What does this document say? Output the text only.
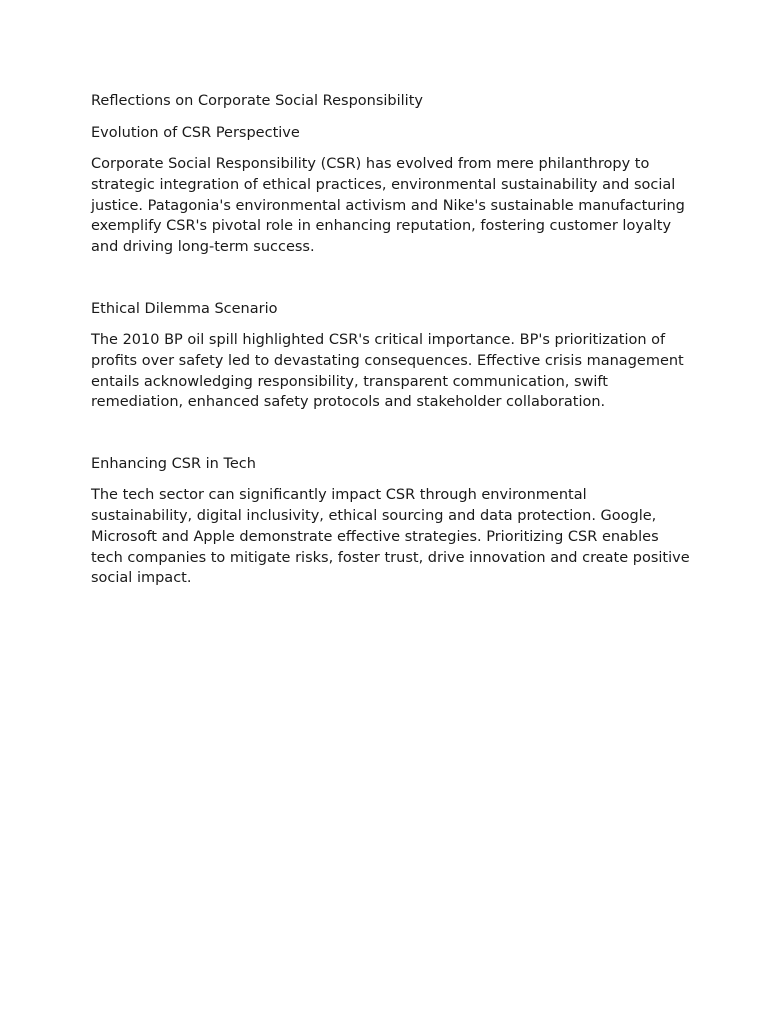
Reflections on Corporate Social Responsibility
Evolution of CSR Perspective

Corporate Social Responsibility (CSR) has evolved from mere philanthropy to strategic integration of ethical practices, environmental sustainability and social justice. Patagonia's environmental activism and Nike's sustainable manufacturing exemplify CSR's pivotal role in enhancing reputation, fostering customer loyalty and driving long-term success.

Ethical Dilemma Scenario

The 2010 BP oil spill highlighted CSR's critical importance. BP's prioritization of profits over safety led to devastating consequences. Effective crisis management entails acknowledging responsibility, transparent communication, swift remediation, enhanced safety protocols and stakeholder collaboration.

Enhancing CSR in Tech

The tech sector can significantly impact CSR through environmental sustainability, digital inclusivity, ethical sourcing and data protection. Google, Microsoft and Apple demonstrate effective strategies. Prioritizing CSR enables tech companies to mitigate risks, foster trust, drive innovation and create positive social impact.
